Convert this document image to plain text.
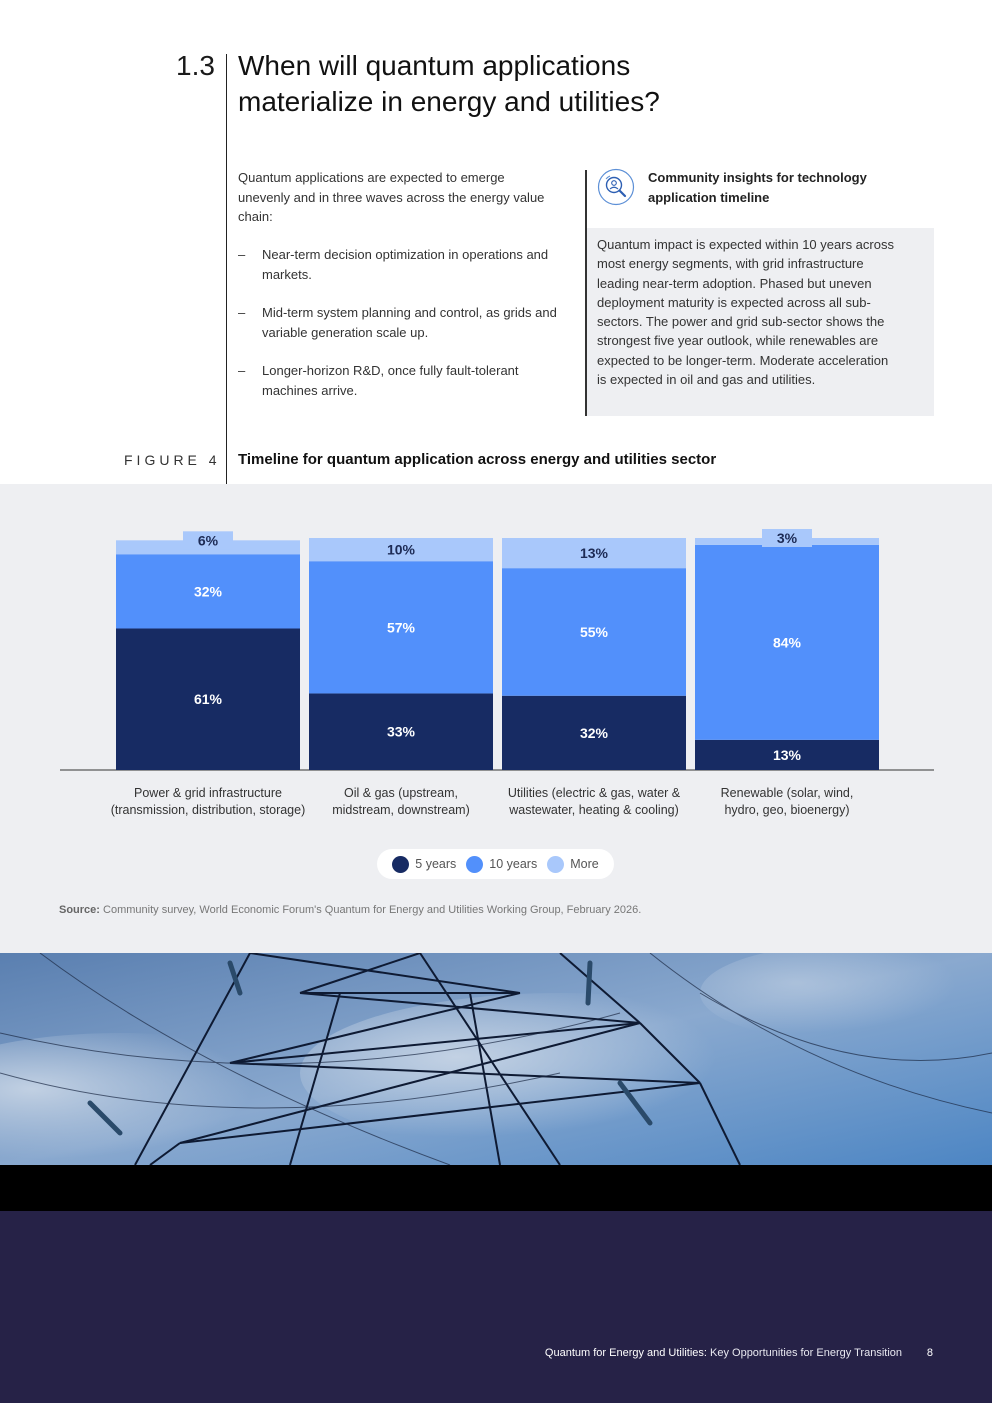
1.3 When will quantum applications
materialize in energy and utilities?
Quantum applications are expected to emerge unevenly and in three waves across the energy value chain:
– Near-term decision optimization in operations and markets.
– Mid-term system planning and control, as grids and variable generation scale up.
– Longer-horizon R&D, once fully fault-tolerant machines arrive.
Community insights for technology application timeline
Quantum impact is expected within 10 years across most energy segments, with grid infrastructure leading near-term adoption. Phased but uneven deployment maturity is expected across all sub-sectors. The power and grid sub-sector shows the strongest five year outlook, while renewables are expected to be longer-term. Moderate acceleration is expected in oil and gas and utilities.
FIGURE 4 Timeline for quantum application across energy and utilities sector
61%
32%
6%
Power & grid infrastructure
(transmission, distribution, storage)
33%
57%
10%
Oil & gas (upstream,
midstream, downstream)
32%
55%
13%
Utilities (electric & gas, water &
wastewater, heating & cooling)
13%
84%
3%
Renewable (solar, wind,
hydro, geo, bioenergy)
5 years	10 years	More
Source: Community survey, World Economic Forum's Quantum for Energy and Utilities Working Group, February 2026.
Quantum for Energy and Utilities: Key Opportunities for Energy Transition 8
